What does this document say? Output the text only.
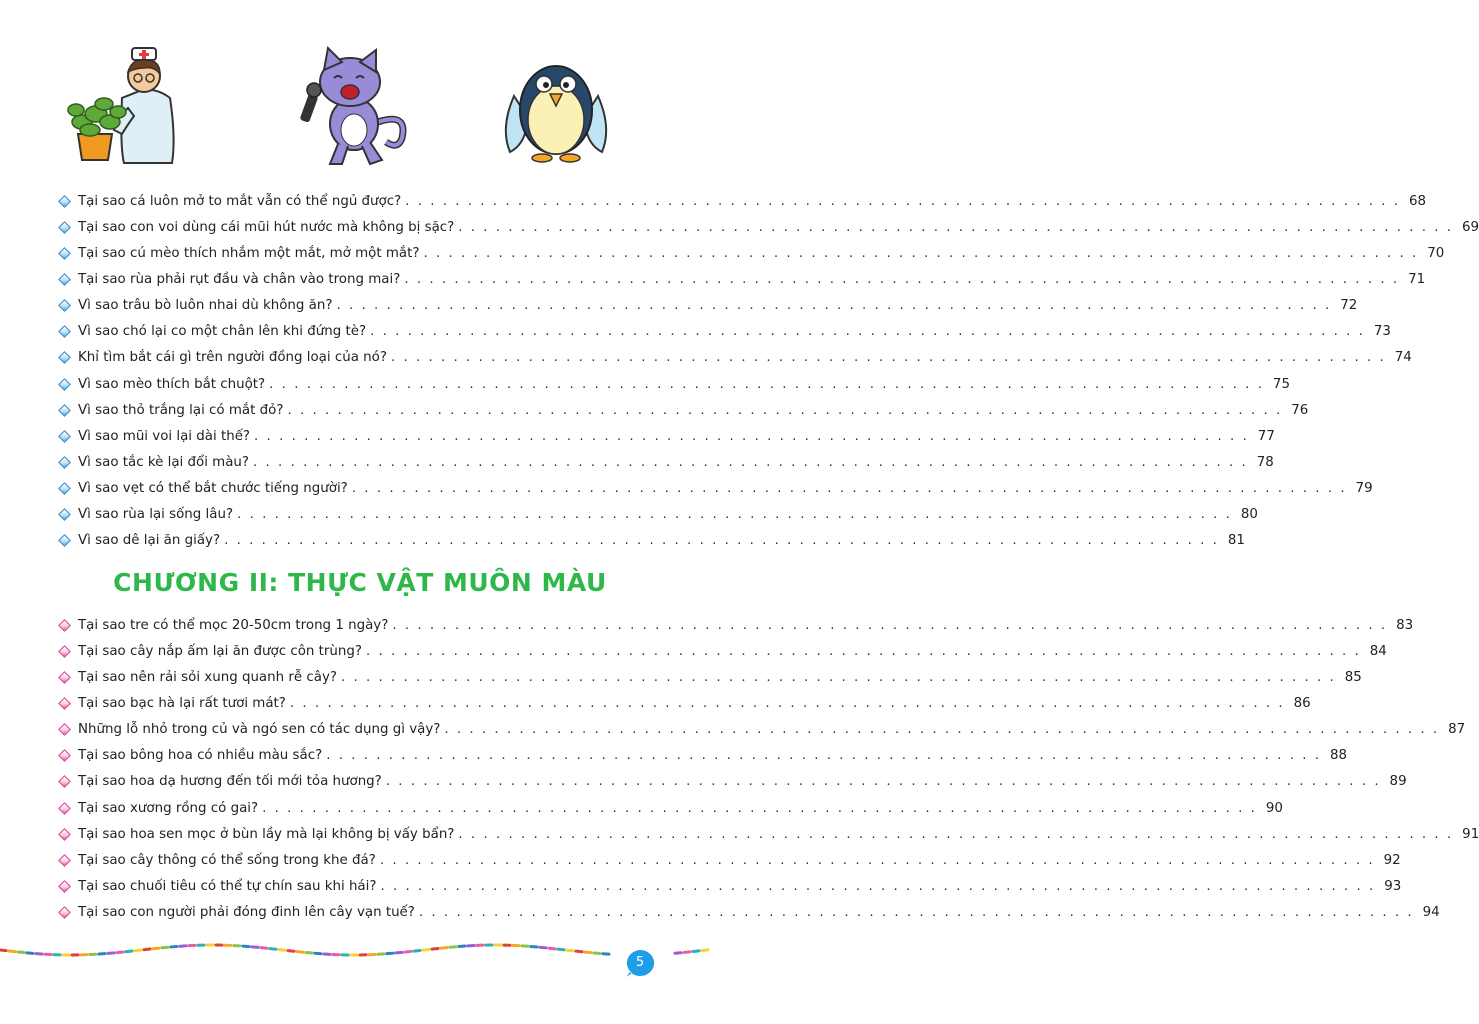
Tại sao cá luôn mở to mắt vẫn có thể ngủ được? . . . . . . . . . . . . . . . . . . . . . . . . . . . . . . . . . . . . . . . . . . . . . . . . . . . . . . . . . . . . . . . . . . . . . . . . . . . . . . . . 68
Tại sao con voi dùng cái mũi hút nước mà không bị sặc? . . . . . . . . . . . . . . . . . . . . . . . . . . . . . . . . . . . . . . . . . . . . . . . . . . . . . . . . . . . . . . . . . . . . . . . . . . . . . . . . 69
Tại sao cú mèo thích nhắm một mắt, mở một mắt? . . . . . . . . . . . . . . . . . . . . . . . . . . . . . . . . . . . . . . . . . . . . . . . . . . . . . . . . . . . . . . . . . . . . . . . . . . . . . . . . 70
Tại sao rùa phải rụt đầu và chân vào trong mai? . . . . . . . . . . . . . . . . . . . . . . . . . . . . . . . . . . . . . . . . . . . . . . . . . . . . . . . . . . . . . . . . . . . . . . . . . . . . . . . . 71
Vì sao trâu bò luôn nhai dù không ăn? . . . . . . . . . . . . . . . . . . . . . . . . . . . . . . . . . . . . . . . . . . . . . . . . . . . . . . . . . . . . . . . . . . . . . . . . . . . . . . . . 72
Vì sao chó lại co một chân lên khi đứng tè? . . . . . . . . . . . . . . . . . . . . . . . . . . . . . . . . . . . . . . . . . . . . . . . . . . . . . . . . . . . . . . . . . . . . . . . . . . . . . . . . 73
Khỉ tìm bắt cái gì trên người đồng loại của nó? . . . . . . . . . . . . . . . . . . . . . . . . . . . . . . . . . . . . . . . . . . . . . . . . . . . . . . . . . . . . . . . . . . . . . . . . . . . . . . . . 74
Vì sao mèo thích bắt chuột? . . . . . . . . . . . . . . . . . . . . . . . . . . . . . . . . . . . . . . . . . . . . . . . . . . . . . . . . . . . . . . . . . . . . . . . . . . . . . . . . 75
Vì sao thỏ trắng lại có mắt đỏ? . . . . . . . . . . . . . . . . . . . . . . . . . . . . . . . . . . . . . . . . . . . . . . . . . . . . . . . . . . . . . . . . . . . . . . . . . . . . . . . . 76
Vì sao mũi voi lại dài thế? . . . . . . . . . . . . . . . . . . . . . . . . . . . . . . . . . . . . . . . . . . . . . . . . . . . . . . . . . . . . . . . . . . . . . . . . . . . . . . . . 77
Vì sao tắc kè lại đổi màu? . . . . . . . . . . . . . . . . . . . . . . . . . . . . . . . . . . . . . . . . . . . . . . . . . . . . . . . . . . . . . . . . . . . . . . . . . . . . . . . . 78
Vì sao vẹt có thể bắt chước tiếng người? . . . . . . . . . . . . . . . . . . . . . . . . . . . . . . . . . . . . . . . . . . . . . . . . . . . . . . . . . . . . . . . . . . . . . . . . . . . . . . . . 79
Vì sao rùa lại sống lâu? . . . . . . . . . . . . . . . . . . . . . . . . . . . . . . . . . . . . . . . . . . . . . . . . . . . . . . . . . . . . . . . . . . . . . . . . . . . . . . . . 80
Vì sao dê lại ăn giấy? . . . . . . . . . . . . . . . . . . . . . . . . . . . . . . . . . . . . . . . . . . . . . . . . . . . . . . . . . . . . . . . . . . . . . . . . . . . . . . . . 81
CHƯƠNG II: THỰC VẬT MUÔN MÀU
Tại sao tre có thể mọc 20-50cm trong 1 ngày? . . . . . . . . . . . . . . . . . . . . . . . . . . . . . . . . . . . . . . . . . . . . . . . . . . . . . . . . . . . . . . . . . . . . . . . . . . . . . . . . 83
Tại sao cây nắp ấm lại ăn được côn trùng? . . . . . . . . . . . . . . . . . . . . . . . . . . . . . . . . . . . . . . . . . . . . . . . . . . . . . . . . . . . . . . . . . . . . . . . . . . . . . . . . 84
Tại sao nên rải sỏi xung quanh rễ cây? . . . . . . . . . . . . . . . . . . . . . . . . . . . . . . . . . . . . . . . . . . . . . . . . . . . . . . . . . . . . . . . . . . . . . . . . . . . . . . . . 85
Tại sao bạc hà lại rất tươi mát? . . . . . . . . . . . . . . . . . . . . . . . . . . . . . . . . . . . . . . . . . . . . . . . . . . . . . . . . . . . . . . . . . . . . . . . . . . . . . . . . 86
Những lỗ nhỏ trong củ và ngó sen có tác dụng gì vậy? . . . . . . . . . . . . . . . . . . . . . . . . . . . . . . . . . . . . . . . . . . . . . . . . . . . . . . . . . . . . . . . . . . . . . . . . . . . . . . . . 87
Tại sao bông hoa có nhiều màu sắc? . . . . . . . . . . . . . . . . . . . . . . . . . . . . . . . . . . . . . . . . . . . . . . . . . . . . . . . . . . . . . . . . . . . . . . . . . . . . . . . . 88
Tại sao hoa dạ hương đến tối mới tỏa hương? . . . . . . . . . . . . . . . . . . . . . . . . . . . . . . . . . . . . . . . . . . . . . . . . . . . . . . . . . . . . . . . . . . . . . . . . . . . . . . . . 89
Tại sao xương rồng có gai? . . . . . . . . . . . . . . . . . . . . . . . . . . . . . . . . . . . . . . . . . . . . . . . . . . . . . . . . . . . . . . . . . . . . . . . . . . . . . . . . 90
Tại sao hoa sen mọc ở bùn lầy mà lại không bị vấy bẩn? . . . . . . . . . . . . . . . . . . . . . . . . . . . . . . . . . . . . . . . . . . . . . . . . . . . . . . . . . . . . . . . . . . . . . . . . . . . . . . . . 91
Tại sao cây thông có thể sống trong khe đá? . . . . . . . . . . . . . . . . . . . . . . . . . . . . . . . . . . . . . . . . . . . . . . . . . . . . . . . . . . . . . . . . . . . . . . . . . . . . . . . . 92
Tại sao chuối tiêu có thể tự chín sau khi hái? . . . . . . . . . . . . . . . . . . . . . . . . . . . . . . . . . . . . . . . . . . . . . . . . . . . . . . . . . . . . . . . . . . . . . . . . . . . . . . . . 93
Tại sao con người phải đóng đinh lên cây vạn tuế? . . . . . . . . . . . . . . . . . . . . . . . . . . . . . . . . . . . . . . . . . . . . . . . . . . . . . . . . . . . . . . . . . . . . . . . . . . . . . . . . 94
5
